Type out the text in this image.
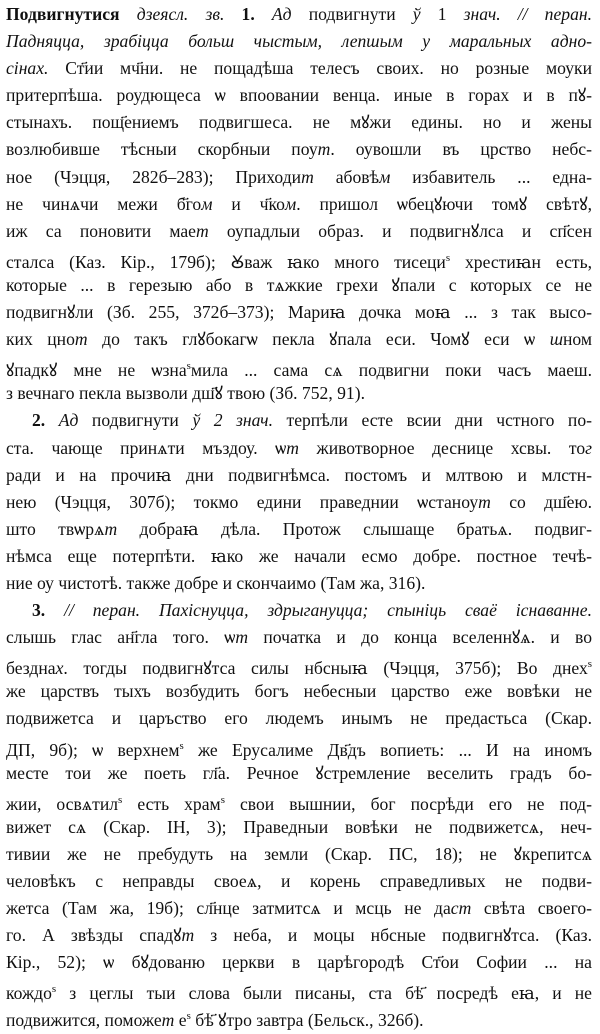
Подвигнутися дзеясл. зв. 1. Ад подвигнути ў 1 знач. // перан.
Падняцца, зрабіцца больш чыстым, лепшым у маральных адно-
сінах. Ст҃ии мч҃ни. не пощадѣша телесъ своих. но розные моуки
притерпѣша. роудющеса ѡ впоовании венца. иные в горах и в пꙋ-
стынахъ. пощ҃ениемъ подвигшеса. не мꙋжи едины. но и жены
возлюбивше тѣсныи скорбныи поут. оувошли въ црство небс-
ное (Чэцця, 282б–283); Приходит абовѣм избавитель ... една-
не чинѧчи межи б҃гом и ч҃ком. пришол ѡбецꙋючи томꙋ свѣтꙋ,
иж са поновити мает оупадлыи образ. и подвигнꙋлса и сп҃сен
сталса (Каз. Кір., 179б); Ꙋваж ꙗко много тисеци$^s$ хрестиꙗн есть,
которые ... в герезыю або в тѧжкие грехи ꙋпали с которых се не
подвигнꙋли (Зб. 255, 372б–373); Мариꙗ дочка моꙗ ... з так высо-
ких цнот до такъ глꙋбокагѡ пекла ꙋпала еси. Чомꙋ еси ѡ шном
ꙋпадкꙋ мне не ѡзна$^s$мила ... сама сѧ подвигни поки часъ маеш.
з вечнаго пекла вызволи дш҃ꙋ твою (Зб. 752, 91).
2. Ад подвигнути ў 2 знач. терпѣли есте всии дни чстного по-
ста. чающе принѧти мъздоу. ѡт животворное деснице хсвы. тог
ради и на прочиꙗ дни подвигнѣмса. постомъ и млтвою и млстн-
нею (Чэцця, 307б); токмо едини праведнии ѡстаноут со дш҃ею.
што твѡрѧт добраꙗ дѣла. Протож слышаще братьѧ. подвиг-
нѣмса еще потерпѣти. ꙗко же начали есмо добре. постное течѣ-
ние оу чистотѣ. также добре и скончаимо (Там жа, 316).
3. // перан. Пахіснуцца, здрыгануцца; спыніць сваё існаванне.
слышь глас ан҃гла того. ѡт початка и до конца вселеннꙋѧ. и во
безднах. тогды подвигнꙋтса силы нбсныꙗ (Чэцця, 375б); Во днех$^s$
же царствъ тыхъ возбудить богъ небесныи царство еже вовѣки не
подвижетса и царъство его людемъ инымъ не предастьса (Скар.
ДП, 9б); ѡ верхнем$^s$ же Ерусалиме Дв҃дъ вопиеть: ... И на иномъ
месте тои же поеть гл҃а. Речное ꙋстремление веселить градъ бо-
жии, освѧтил$^s$ есть храм$^s$ свои вышнии, бог посрѣди его не под-
вижет сѧ (Скар. ІН, 3); Праведныи вовѣки не подвижетсѧ, неч-
тивии же не пребудуть на земли (Скар. ПС, 18); не ꙋкрепитсѧ
человѣкъ с неправды своеѧ, и корень справедливых не подви-
жетса (Там жа, 19б); сл҃нце затмитсѧ и мсць не даст свѣта своего-
го. А звѣзды спадꙋт з неба, и моцы нбсные подвигнꙋтса. (Каз.
Кір., 52); ѡ бꙋдованю церкви в царѣгородѣ Ст҃ои Софии ... на
кождо$^s$ з цеглы тыи слова были писаны, ста бѣ҃ посредѣ еꙗ, и не
подвижится, поможет $е^s$ бѣ҃ ꙋтро завтра (Бельск., 326б).
